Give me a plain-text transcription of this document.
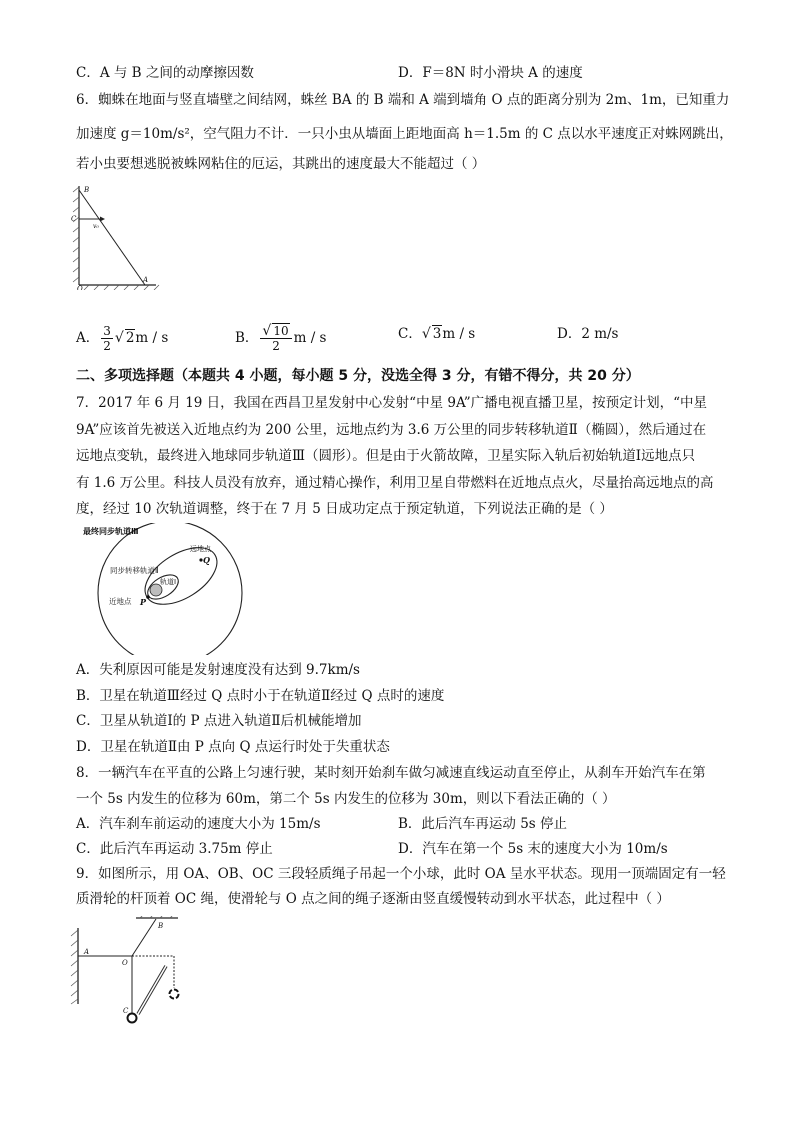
C．A 与 B 之间的动摩擦因数	D．F＝8N 时小滑块 A 的速度
6．蜘蛛在地面与竖直墙壁之间结网，蛛丝 BA 的 B 端和 A 端到墙角 O 点的距离分别为 2m、1m，已知重力
加速度 g＝10m/s²，空气阻力不计．一只小虫从墙面上距地面高 h＝1.5m 的 C 点以水平速度正对蛛网跳出，
若小虫要想逃脱被蛛网粘住的厄运，其跳出的速度最大不能超过（ ）
B
C
v₀
O
A
A． $\frac{3}{2}$ √ 2m / s	B． $\frac{√ 10}{2}$ m / s	C．√ 3m / s	D．2 m/s
二、多项选择题（本题共 4 小题，每小题 5 分，没选全得 3 分，有错不得分，共 20 分）
7．2017 年 6 月 19 日，我国在西昌卫星发射中心发射“中星 9A”广播电视直播卫星，按预定计划，“中星
9A”应该首先被送入近地点约为 200 公里，远地点约为 3.6 万公里的同步转移轨道Ⅱ（椭圆），然后通过在
远地点变轨，最终进入地球同步轨道Ⅲ（圆形）。但是由于火箭故障，卫星实际入轨后初始轨道Ⅰ远地点只
有 1.6 万公里。科技人员没有放弃，通过精心操作，利用卫星自带燃料在近地点点火，尽量抬高远地点的高
度，经过 10 次轨道调整，终于在 7 月 5 日成功定点于预定轨道，下列说法正确的是（ ）
最终同步轨道Ⅲ
远地点
Q
同步转移轨道Ⅱ
轨道Ⅰ
近地点 P
A．失利原因可能是发射速度没有达到 9.7km/s
B．卫星在轨道Ⅲ经过 Q 点时小于在轨道Ⅱ经过 Q 点时的速度
C．卫星从轨道Ⅰ的 P 点进入轨道Ⅱ后机械能增加
D．卫星在轨道Ⅱ由 P 点向 Q 点运行时处于失重状态
8．一辆汽车在平直的公路上匀速行驶，某时刻开始刹车做匀减速直线运动直至停止，从刹车开始汽车在第
一个 5s 内发生的位移为 60m，第二个 5s 内发生的位移为 30m，则以下看法正确的（ ）
A．汽车刹车前运动的速度大小为 15m/s	B．此后汽车再运动 5s 停止
C．此后汽车再运动 3.75m 停止	D．汽车在第一个 5s 末的速度大小为 10m/s
9．如图所示，用 OA、OB、OC 三段轻质绳子吊起一个小球，此时 OA 呈水平状态。现用一顶端固定有一轻
质滑轮的杆顶着 OC 绳，使滑轮与 O 点之间的绳子逐渐由竖直缓慢转动到水平状态，此过程中（ ）
A
B
O
C
